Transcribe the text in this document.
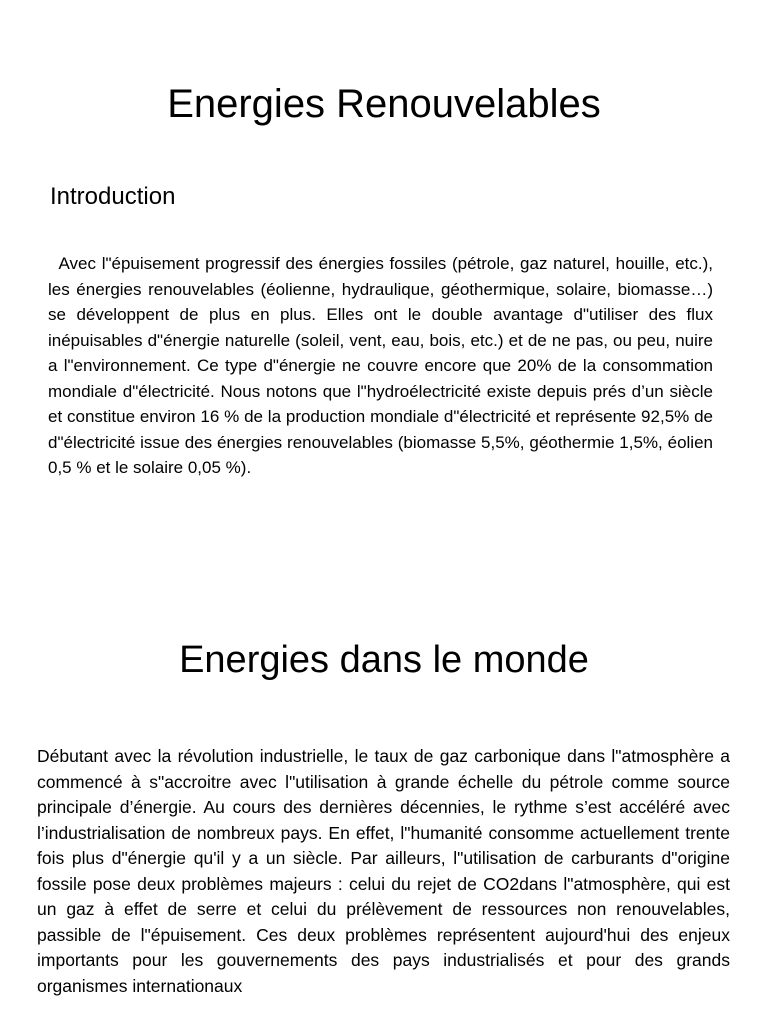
Energies Renouvelables
Introduction

Avec l"épuisement progressif des énergies fossiles (pétrole, gaz naturel, houille, etc.), les énergies renouvelables (éolienne, hydraulique, géothermique, solaire, biomasse…) se développent de plus en plus. Elles ont le double avantage d"utiliser des flux inépuisables d"énergie naturelle (soleil, vent, eau, bois, etc.) et de ne pas, ou peu, nuire a l"environnement. Ce type d"énergie ne couvre encore que 20% de la consommation mondiale d"électricité. Nous notons que l"hydroélectricité existe depuis prés d’un siècle et constitue environ 16 % de la production mondiale d"électricité et représente 92,5% de d"électricité issue des énergies renouvelables (biomasse 5,5%, géothermie 1,5%, éolien 0,5 % et le solaire 0,05 %).

Energies dans le monde

Débutant avec la révolution industrielle, le taux de gaz carbonique dans l"atmosphère a commencé à s"accroitre avec l"utilisation à grande échelle du pétrole comme source principale d’énergie. Au cours des dernières décennies, le rythme s’est accéléré avec l’industrialisation de nombreux pays. En effet, l"humanité consomme actuellement trente fois plus d"énergie qu'il y a un siècle. Par ailleurs, l"utilisation de carburants d"origine fossile pose deux problèmes majeurs : celui du rejet de CO2dans l"atmosphère, qui est un gaz à effet de serre et celui du prélèvement de ressources non renouvelables, passible de l"épuisement. Ces deux problèmes représentent aujourd'hui des enjeux importants pour les gouvernements des pays industrialisés et pour des grands organismes internationaux
